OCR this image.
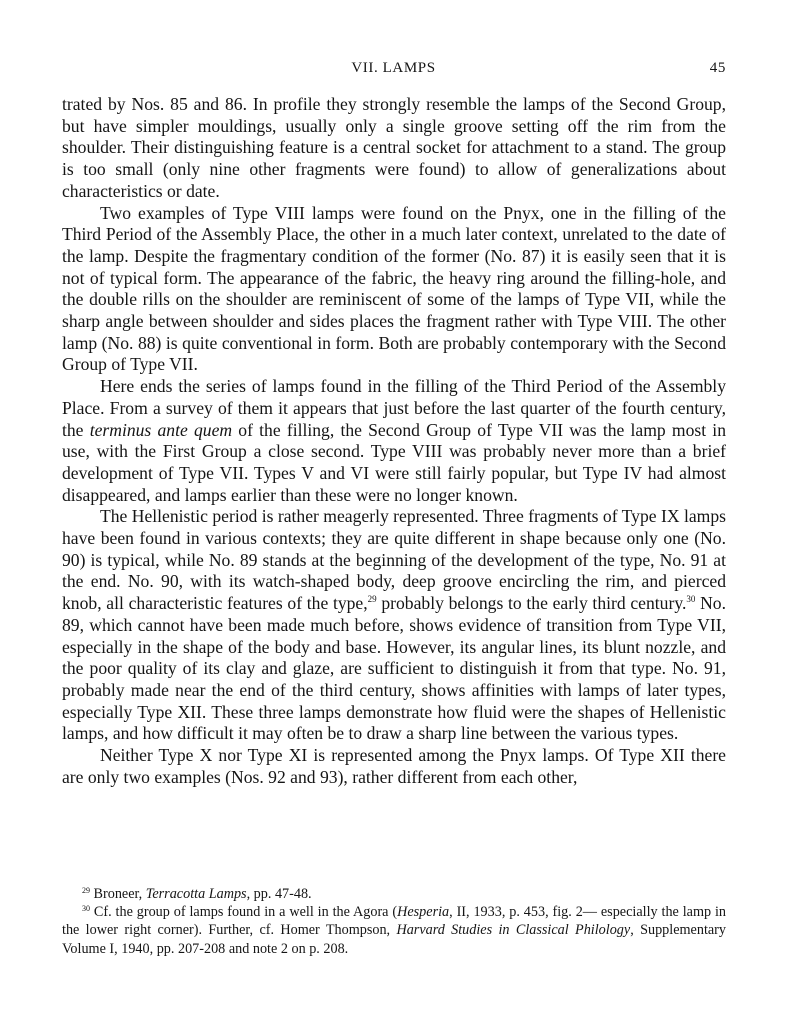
VII. LAMPS	45

trated by Nos. 85 and 86. In profile they strongly resemble the lamps of the Second Group, but have simpler mouldings, usually only a single groove setting off the rim from the shoulder. Their distinguishing feature is a central socket for attachment to a stand. The group is too small (only nine other fragments were found) to allow of generalizations about characteristics or date.

Two examples of Type VIII lamps were found on the Pnyx, one in the filling of the Third Period of the Assembly Place, the other in a much later context, unrelated to the date of the lamp. Despite the fragmentary condition of the former (No. 87) it is easily seen that it is not of typical form. The appearance of the fabric, the heavy ring around the filling-hole, and the double rills on the shoulder are reminiscent of some of the lamps of Type VII, while the sharp angle between shoulder and sides places the fragment rather with Type VIII. The other lamp (No. 88) is quite conventional in form. Both are probably contemporary with the Second Group of Type VII.

Here ends the series of lamps found in the filling of the Third Period of the Assembly Place. From a survey of them it appears that just before the last quarter of the fourth century, the terminus ante quem of the filling, the Second Group of Type VII was the lamp most in use, with the First Group a close second. Type VIII was probably never more than a brief development of Type VII. Types V and VI were still fairly popular, but Type IV had almost disappeared, and lamps earlier than these were no longer known.

The Hellenistic period is rather meagerly represented. Three fragments of Type IX lamps have been found in various contexts; they are quite different in shape because only one (No. 90) is typical, while No. 89 stands at the beginning of the development of the type, No. 91 at the end. No. 90, with its watch-shaped body, deep groove encircling the rim, and pierced knob, all characteristic features of the type,$^{29}$ probably belongs to the early third century.$^{30}$ No. 89, which cannot have been made much before, shows evidence of transition from Type VII, especially in the shape of the body and base. However, its angular lines, its blunt nozzle, and the poor quality of its clay and glaze, are sufficient to distinguish it from that type. No. 91, probably made near the end of the third century, shows affinities with lamps of later types, especially Type XII. These three lamps demonstrate how fluid were the shapes of Hellenistic lamps, and how difficult it may often be to draw a sharp line between the various types.

Neither Type X nor Type XI is represented among the Pnyx lamps. Of Type XII there are only two examples (Nos. 92 and 93), rather different from each other,

$^{29}$ Broneer, Terracotta Lamps, pp. 47-48.

$^{30}$ Cf. the group of lamps found in a well in the Agora (Hesperia, II, 1933, p. 453, fig. 2— especially the lamp in the lower right corner). Further, cf. Homer Thompson, Harvard Studies in Classical Philology, Supplementary Volume I, 1940, pp. 207-208 and note 2 on p. 208.
